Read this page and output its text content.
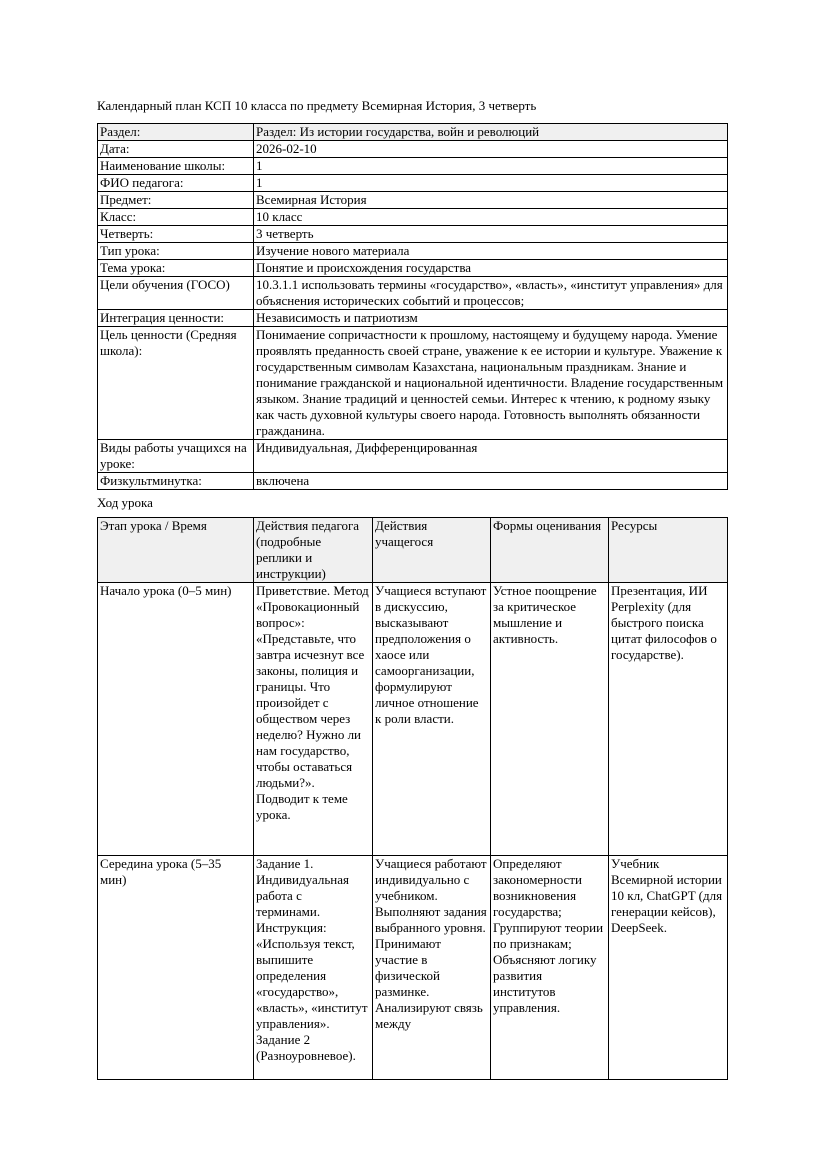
Календарный план КСП 10 класса по предмету Всемирная История, 3 четверть
Раздел:	Раздел: Из истории государства, войн и революций
Дата:	2026-02-10
Наименование школы:	1
ФИО педагога:	1
Предмет:	Всемирная История
Класс:	10 класс
Четверть:	3 четверть
Тип урока:	Изучение нового материала
Тема урока:	Понятие и происхождения государства
Цели обучения (ГОСО)	10.3.1.1 использовать термины «государство», «власть», «институт управления» для объяснения исторических событий и процессов;
Интеграция ценности:	Независимость и патриотизм
Цель ценности (Средняя школа):	Понимаение сопричастности к прошлому, настоящему и будущему народа. Умение проявлять преданность своей стране, уважение к ее истории и культуре. Уважение к государственным символам Казахстана, национальным праздникам. Знание и понимание гражданской и национальной идентичности. Владение государственным языком. Знание традиций и ценностей семьи. Интерес к чтению, к родному языку как часть духовной культуры своего народа. Готовность выполнять обязанности гражданина.
Виды работы учащихся на уроке:	Индивидуальная, Дифференцированная
Физкультминутка:	включена
Ход урока
Этап урока / Время	Действия педагога (подробные реплики и инструкции)	Действия учащегося	Формы оценивания	Ресурсы
Начало урока (0–5 мин)	Приветствие. Метод «Провокационный вопрос»: «Представьте, что завтра исчезнут все законы, полиция и границы. Что произойдет с обществом через неделю? Нужно ли нам государство, чтобы оставаться людьми?». Подводит к теме урока.	Учащиеся вступают в дискуссию, высказывают предположения о хаосе или самоорганизации, формулируют личное отношение к роли власти.	Устное поощрение за критическое мышление и активность.	Презентация, ИИ Perplexity (для быстрого поиска цитат философов о государстве).

Середина урока (5–35 мин)	Задание 1. Индивидуальная работа с терминами. Инструкция: «Используя текст, выпишите определения «государство», «власть», «институт управления». Задание 2 (Разноуровневое).	Учащиеся работают индивидуально с учебником. Выполняют задания выбранного уровня. Принимают участие в физической разминке. Анализируют связь между	Определяют закономерности возникновения государства; Группируют теории по признакам; Объясняют логику развития институтов управления.	Учебник Всемирной истории 10 кл, ChatGPT (для генерации кейсов), DeepSeek.
